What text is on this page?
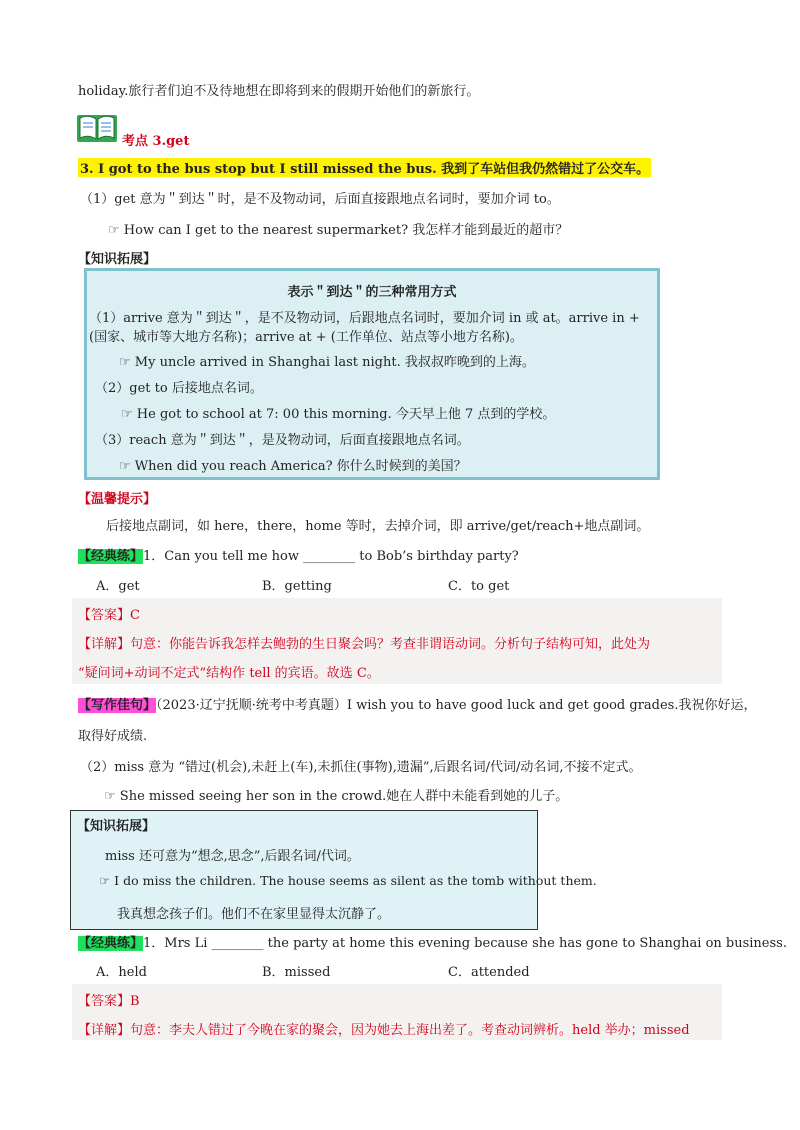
holiday.旅行者们迫不及待地想在即将到来的假期开始他们的新旅行。
考点 3.get
3. I got to the bus stop but I still missed the bus. 我到了车站但我仍然错过了公交车。
（1）get 意为＂到达＂时，是不及物动词，后面直接跟地点名词时，要加介词 to。
☞ How can I get to the nearest supermarket? 我怎样才能到最近的超市？
【知识拓展】
表示＂到达＂的三种常用方式
（1）arrive 意为＂到达＂，是不及物动词，后跟地点名词时，要加介词 in 或 at。arrive in +
(国家、城市等大地方名称)；arrive at + (工作单位、站点等小地方名称)。
☞ My uncle arrived in Shanghai last night. 我叔叔昨晚到的上海。
（2）get to 后接地点名词。
☞ He got to school at 7: 00 this morning. 今天早上他 7 点到的学校。
（3）reach 意为＂到达＂，是及物动词，后面直接跟地点名词。
☞ When did you reach America? 你什么时候到的美国？
【温馨提示】
后接地点副词，如 here，there，home 等时，去掉介词，即 arrive/get/reach+地点副词。
【经典练】1．Can you tell me how ________ to Bob’s birthday party?
A．get	B．getting	C．to get
【答案】C
【详解】句意：你能告诉我怎样去鲍勃的生日聚会吗？考查非谓语动词。分析句子结构可知，此处为
“疑问词+动词不定式”结构作 tell 的宾语。故选 C。
【写作佳句】（2023·辽宁抚顺·统考中考真题）I wish you to have good luck and get good grades.我祝你好运，
取得好成绩.
（2）miss 意为 “错过(机会),未赶上(车),未抓住(事物),遗漏”,后跟名词/代词/动名词,不接不定式。
☞ She missed seeing her son in the crowd.她在人群中未能看到她的儿子。
【知识拓展】
miss 还可意为“想念,思念”,后跟名词/代词。
☞ I do miss the children. The house seems as silent as the tomb without them.
我真想念孩子们。他们不在家里显得太沉静了。
【经典练】1．Mrs Li ________ the party at home this evening because she has gone to Shanghai on business.
A．held	B．missed	C．attended
【答案】B
【详解】句意：李夫人错过了今晚在家的聚会，因为她去上海出差了。考查动词辨析。held 举办；missed
